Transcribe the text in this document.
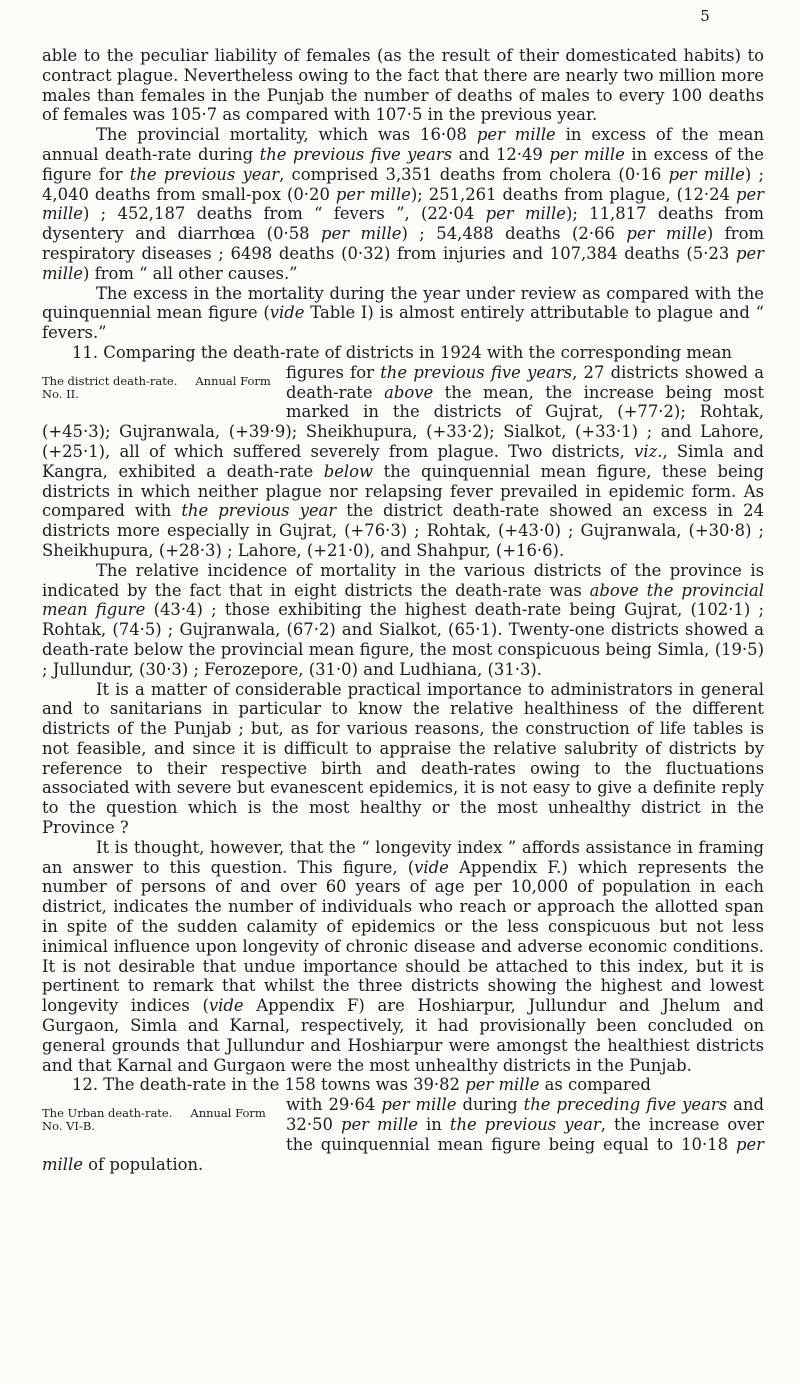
5

able to the peculiar liability of females (as the result of their domesticated habits) to contract plague. Nevertheless owing to the fact that there are nearly two million more males than females in the Punjab the number of deaths of males to every 100 deaths of females was 105·7 as compared with 107·5 in the previous year.

The provincial mortality, which was 16·08 per mille in excess of the mean annual death-rate during the previous five years and 12·49 per mille in excess of the figure for the previous year, comprised 3,351 deaths from cholera (0·16 per mille) ; 4,040 deaths from small-pox (0·20 per mille); 251,261 deaths from plague, (12·24 per mille) ; 452,187 deaths from “ fevers ”, (22·04 per mille); 11,817 deaths from dysentery and diarrhœa (0·58 per mille) ; 54,488 deaths (2·66 per mille) from respiratory diseases ; 6498 deaths (0·32) from injuries and 107,384 deaths (5·23 per mille) from “ all other causes.”

The excess in the mortality during the year under review as compared with the quinquennial mean figure (vide Table I) is almost entirely attributable to plague and “ fevers.”

11. Comparing the death-rate of districts in 1924 with the corresponding mean
The district death-rate. Annual Form
No. II.
figures for the previous five years, 27 districts showed a death-rate above the mean, the increase being most marked in the districts of Gujrat, (+77·2); Rohtak, (+45·3); Gujranwala, (+39·9); Sheikhupura, (+33·2); Sialkot, (+33·1) ; and Lahore, (+25·1), all of which suffered severely from plague. Two districts, viz., Simla and Kangra, exhibited a death-rate below the quinquennial mean figure, these being districts in which neither plague nor relapsing fever prevailed in epidemic form. As compared with the previous year the district death-rate showed an excess in 24 districts more especially in Gujrat, (+76·3) ; Rohtak, (+43·0) ; Gujranwala, (+30·8) ; Sheikhupura, (+28·3) ; Lahore, (+21·0), and Shahpur, (+16·6).

The relative incidence of mortality in the various districts of the province is indicated by the fact that in eight districts the death-rate was above the provincial mean figure (43·4) ; those exhibiting the highest death-rate being Gujrat, (102·1) ; Rohtak, (74·5) ; Gujranwala, (67·2) and Sialkot, (65·1). Twenty-one districts showed a death-rate below the provincial mean figure, the most conspicuous being Simla, (19·5) ; Jullundur, (30·3) ; Ferozepore, (31·0) and Ludhiana, (31·3).

It is a matter of considerable practical importance to administrators in general and to sanitarians in particular to know the relative healthiness of the different districts of the Punjab ; but, as for various reasons, the construction of life tables is not feasible, and since it is difficult to appraise the relative salubrity of districts by reference to their respective birth and death-rates owing to the fluctuations associated with severe but evanescent epidemics, it is not easy to give a definite reply to the question which is the most healthy or the most unhealthy district in the Province ?

It is thought, however, that the “ longevity index ” affords assistance in framing an answer to this question. This figure, (vide Appendix F.) which represents the number of persons of and over 60 years of age per 10,000 of population in each district, indicates the number of individuals who reach or approach the allotted span in spite of the sudden calamity of epidemics or the less conspicuous but not less inimical influence upon longevity of chronic disease and adverse economic conditions. It is not desirable that undue importance should be attached to this index, but it is pertinent to remark that whilst the three districts showing the highest and lowest longevity indices (vide Appendix F) are Hoshiarpur, Jullundur and Jhelum and Gurgaon, Simla and Karnal, respectively, it had provisionally been concluded on general grounds that Jullundur and Hoshiarpur were amongst the healthiest districts and that Karnal and Gurgaon were the most unhealthy districts in the Punjab.

12. The death-rate in the 158 towns was 39·82 per mille as compared
The Urban death-rate. Annual Form
No. VI-B.
with 29·64 per mille during the preceding five years and 32·50 per mille in the previous year, the increase over the quinquennial mean figure being equal to 10·18 per mille of population.
